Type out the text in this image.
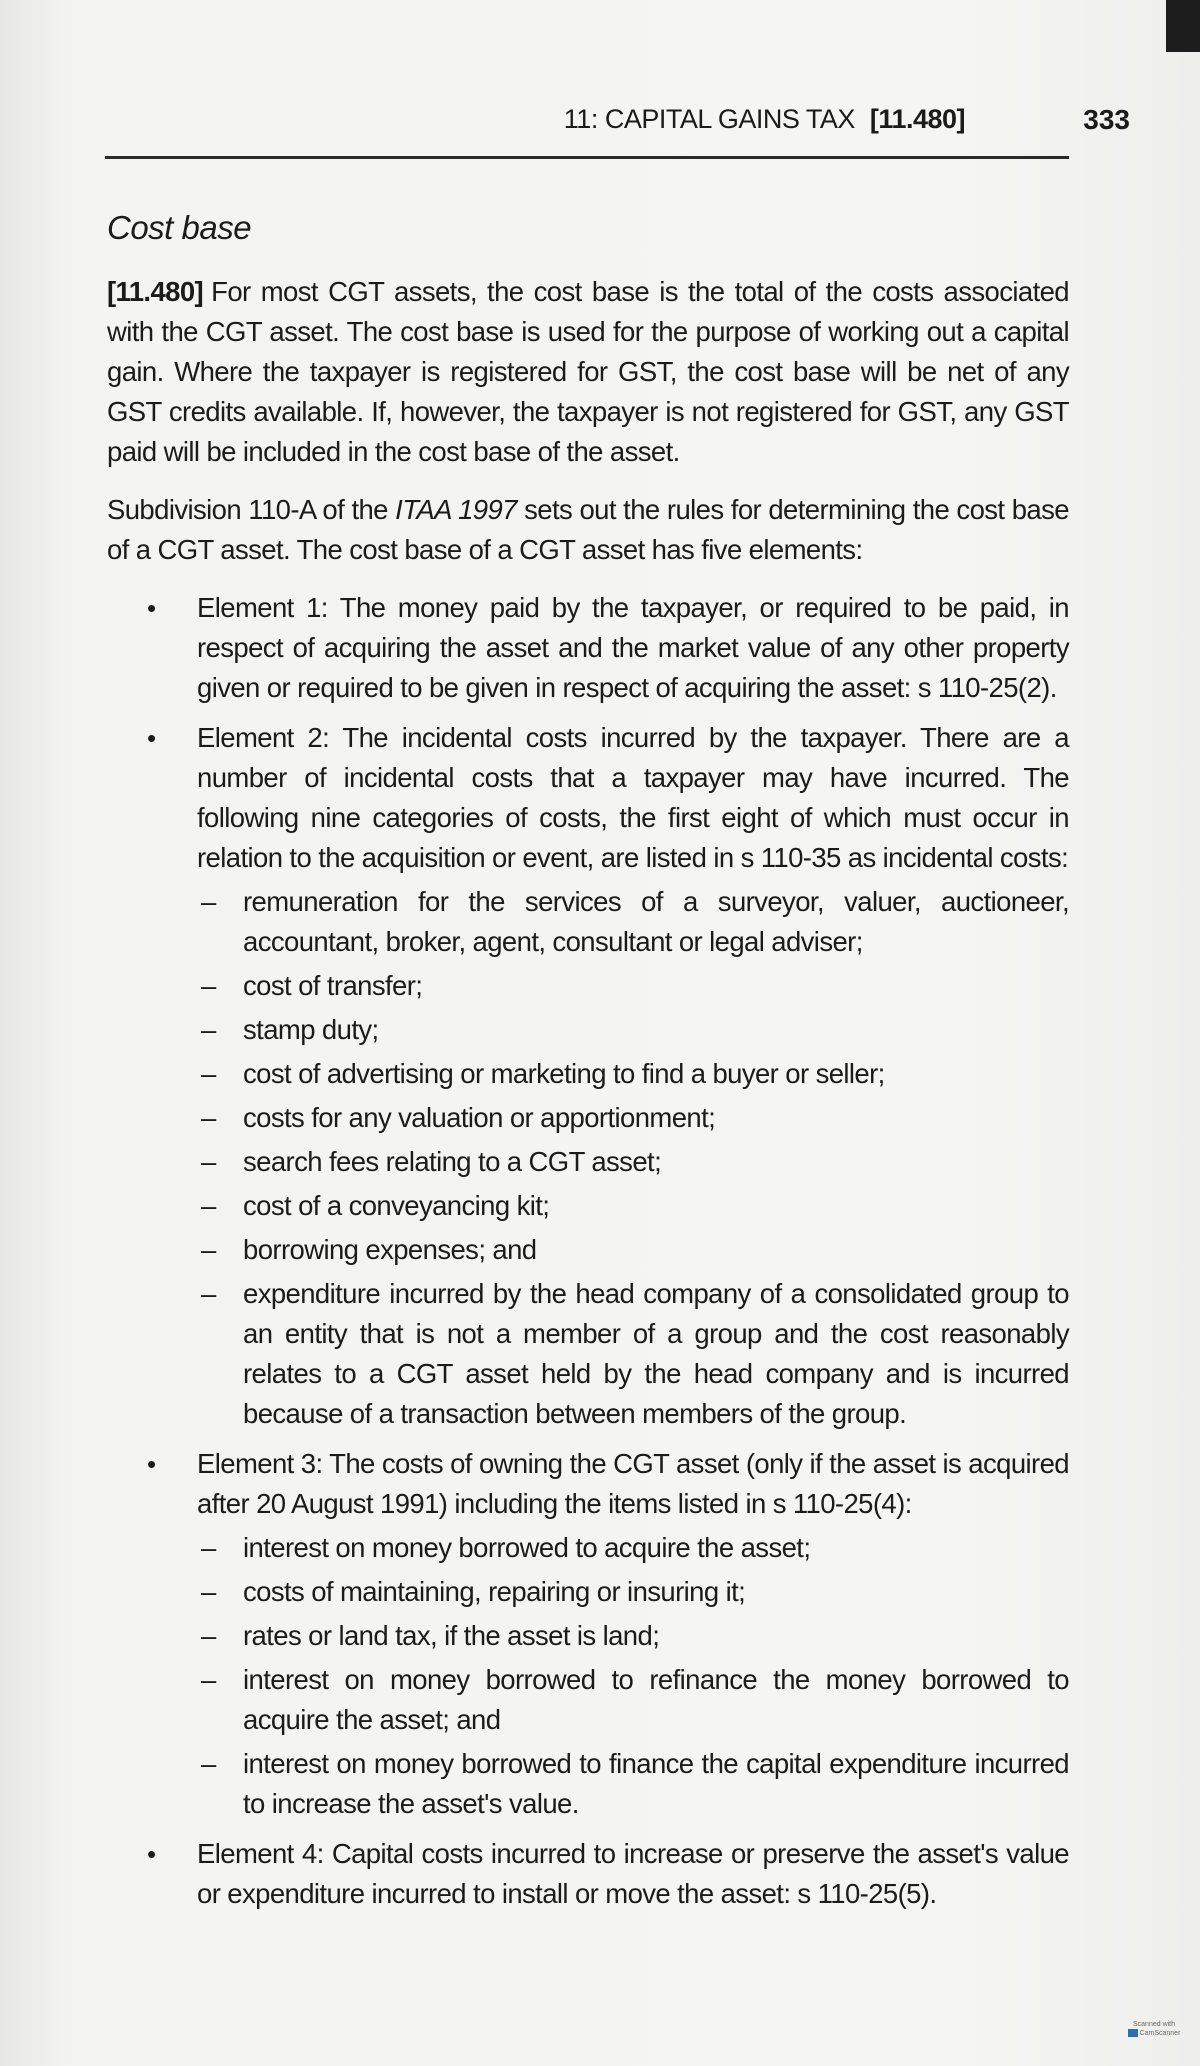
11: CAPITAL GAINS TAX [11.480]	333
Cost base

[11.480] For most CGT assets, the cost base is the total of the costs associated with the CGT asset. The cost base is used for the purpose of working out a capital gain. Where the taxpayer is registered for GST, the cost base will be net of any GST credits available. If, however, the taxpayer is not registered for GST, any GST paid will be included in the cost base of the asset.

Subdivision 110-A of the ITAA 1997 sets out the rules for determining the cost base of a CGT asset. The cost base of a CGT asset has five elements:

• Element 1: The money paid by the taxpayer, or required to be paid, in respect of acquiring the asset and the market value of any other property given or required to be given in respect of acquiring the asset: s 110-25(2).
• Element 2: The incidental costs incurred by the taxpayer. There are a number of incidental costs that a taxpayer may have incurred. The following nine categories of costs, the first eight of which must occur in relation to the acquisition or event, are listed in s 110-35 as incidental costs:
– remuneration for the services of a surveyor, valuer, auctioneer, accountant, broker, agent, consultant or legal adviser;
– cost of transfer;
– stamp duty;
– cost of advertising or marketing to find a buyer or seller;
– costs for any valuation or apportionment;
– search fees relating to a CGT asset;
– cost of a conveyancing kit;
– borrowing expenses; and
– expenditure incurred by the head company of a consolidated group to an entity that is not a member of a group and the cost reasonably relates to a CGT asset held by the head company and is incurred because of a transaction between members of the group.
• Element 3: The costs of owning the CGT asset (only if the asset is acquired after 20 August 1991) including the items listed in s 110-25(4):
– interest on money borrowed to acquire the asset;
– costs of maintaining, repairing or insuring it;
– rates or land tax, if the asset is land;
– interest on money borrowed to refinance the money borrowed to acquire the asset; and
– interest on money borrowed to finance the capital expenditure incurred to increase the asset's value.
• Element 4: Capital costs incurred to increase or preserve the asset's value or expenditure incurred to install or move the asset: s 110-25(5).
Scanned with
CamScanner
